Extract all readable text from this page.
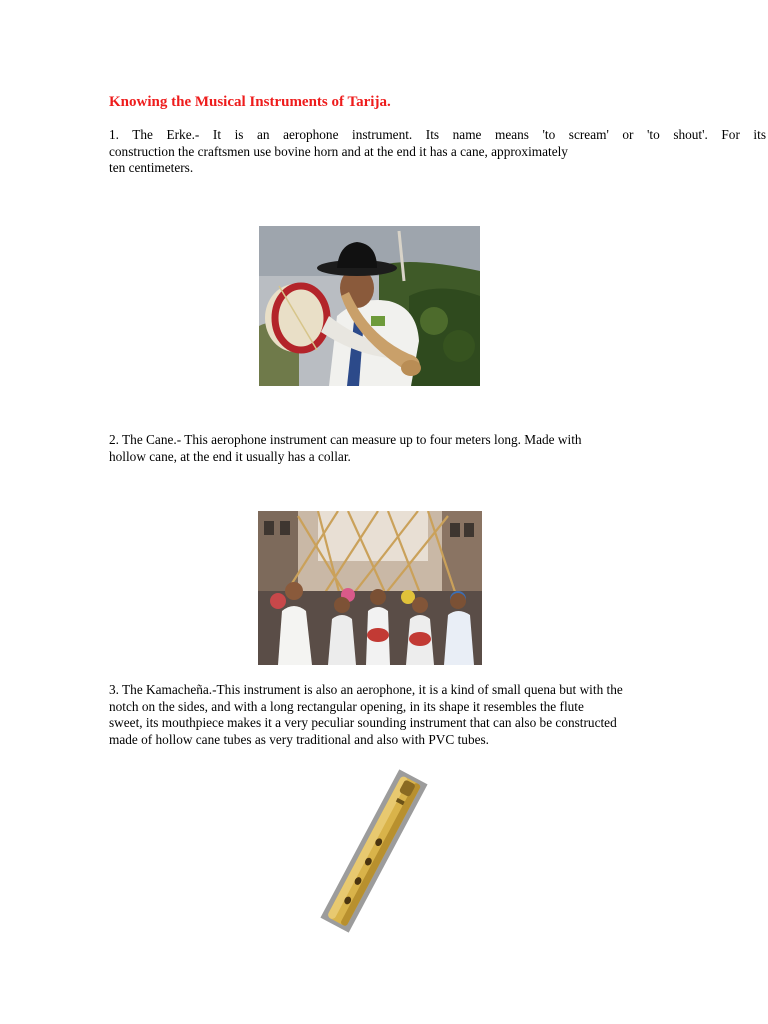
Knowing the Musical Instruments of Tarija.
1. The Erke.- It is an aerophone instrument. Its name means 'to scream' or 'to shout'. For its
construction the craftsmen use bovine horn and at the end it has a cane, approximately
ten centimeters.
2. The Cane.- This aerophone instrument can measure up to four meters long. Made with
hollow cane, at the end it usually has a collar.
3. The Kamacheña.-This instrument is also an aerophone, it is a kind of small quena but with the
notch on the sides, and with a long rectangular opening, in its shape it resembles the flute
sweet, its mouthpiece makes it a very peculiar sounding instrument that can also be constructed
made of hollow cane tubes as very traditional and also with PVC tubes.
